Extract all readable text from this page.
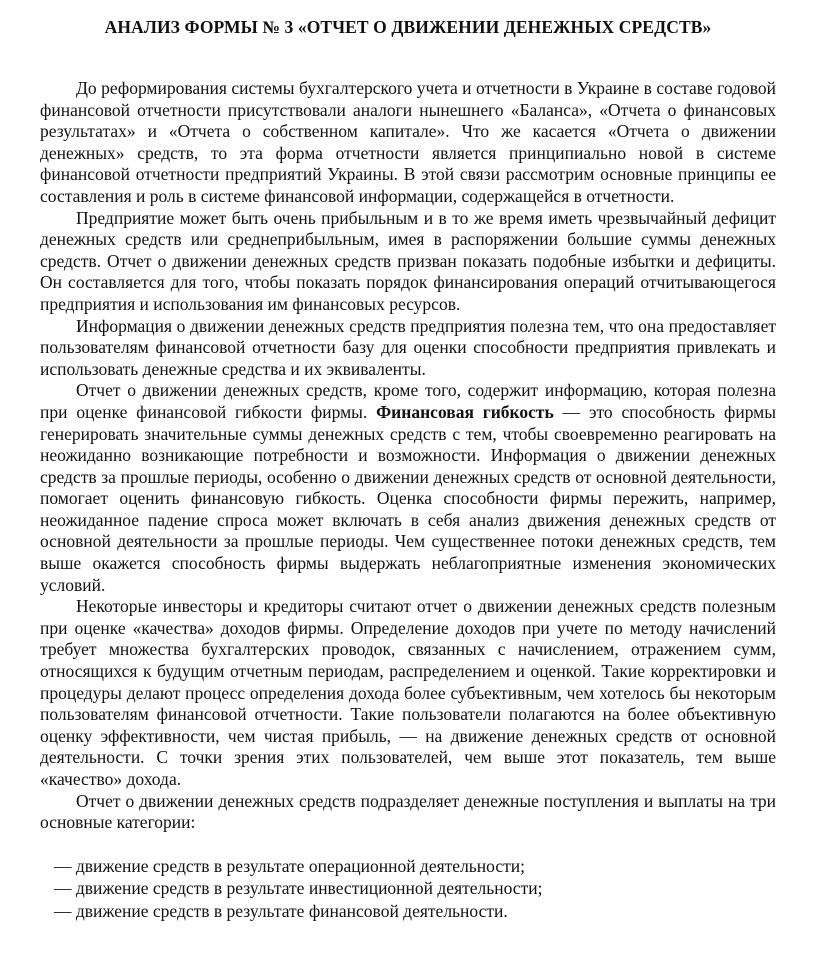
АНАЛИЗ ФОРМЫ № 3 «ОТЧЕТ О ДВИЖЕНИИ ДЕНЕЖНЫХ СРЕДСТВ»

До реформирования системы бухгалтерского учета и отчетности в Украине в составе годовой финансовой отчетности присутствовали аналоги нынешнего «Баланса», «Отчета о финансовых результатах» и «Отчета о собственном капитале». Что же касается «Отчета о движении денежных» средств, то эта форма отчетности является принципиально новой в системе финансовой отчетности предприятий Украины. В этой связи рассмотрим основные принципы ее составления и роль в системе финансовой информации, содержащейся в отчетности.

Предприятие может быть очень прибыльным и в то же время иметь чрезвычайный дефицит денежных средств или среднеприбыльным, имея в распоряжении большие суммы денежных средств. Отчет о движении денежных средств призван показать подобные избытки и дефициты. Он составляется для того, чтобы показать порядок финансирования операций отчитывающегося предприятия и использования им финансовых ресурсов.

Информация о движении денежных средств предприятия полезна тем, что она предоставляет пользователям финансовой отчетности базу для оценки способности предприятия привлекать и использовать денежные средства и их эквиваленты.

Отчет о движении денежных средств, кроме того, содержит информацию, которая полезна при оценке финансовой гибкости фирмы. Финансовая гибкость — это способность фирмы генерировать значительные суммы денежных средств с тем, чтобы своевременно реагировать на неожиданно возникающие потребности и возможности. Информация о движении денежных средств за прошлые периоды, особенно о движении денежных средств от основной деятельности, помогает оценить финансовую гибкость. Оценка способности фирмы пережить, например, неожиданное падение спроса может включать в себя анализ движения денежных средств от основной деятельности за прошлые периоды. Чем существеннее потоки денежных средств, тем выше окажется способность фирмы выдержать неблагоприятные изменения экономических условий.

Некоторые инвесторы и кредиторы считают отчет о движении денежных средств полезным при оценке «качества» доходов фирмы. Определение доходов при учете по методу начислений требует множества бухгалтерских проводок, связанных с начислением, отражением сумм, относящихся к будущим отчетным периодам, распределением и оценкой. Такие корректировки и процедуры делают процесс определения дохода более субъективным, чем хотелось бы некоторым пользователям финансовой отчетности. Такие пользователи полагаются на более объективную оценку эффективности, чем чистая прибыль, — на движение денежных средств от основной деятельности. С точки зрения этих пользователей, чем выше этот показатель, тем выше «качество» дохода.

Отчет о движении денежных средств подразделяет денежные поступления и выплаты на три основные категории:

— движение средств в результате операционной деятельности;
— движение средств в результате инвестиционной деятельности;
— движение средств в результате финансовой деятельности.
